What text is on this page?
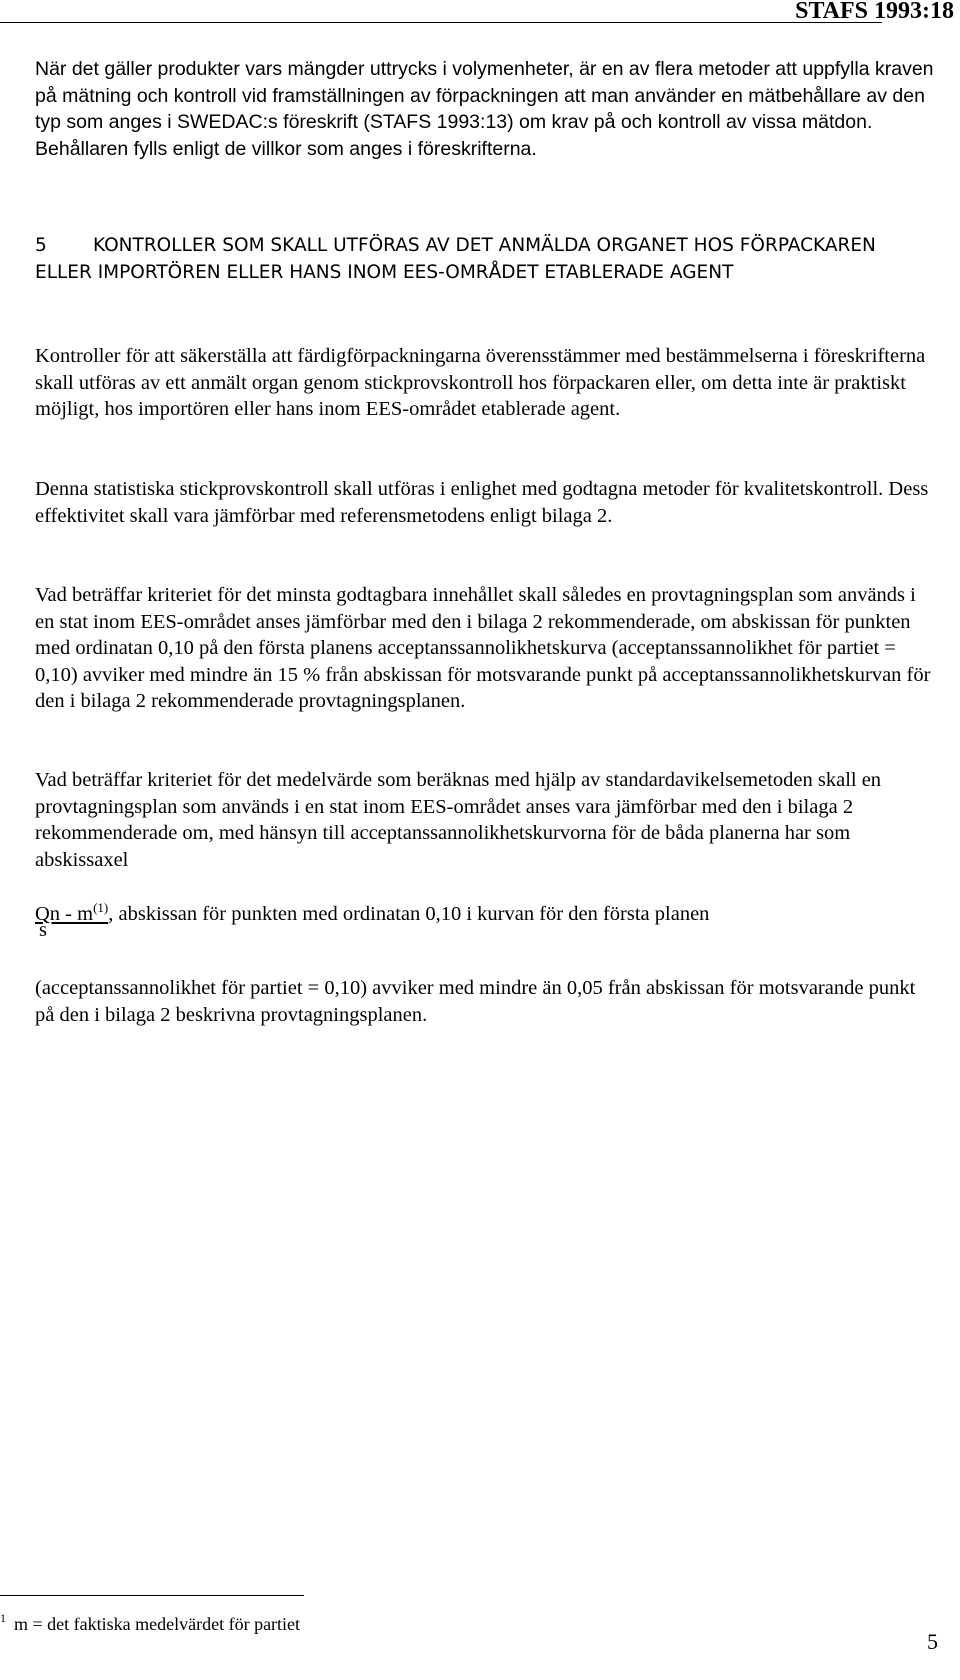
STAFS 1993:18

När det gäller produkter vars mängder uttrycks i volymenheter, är en av flera metoder att uppfylla kraven på mätning och kontroll vid framställningen av förpackningen att man använder en mätbehållare av den typ som anges i SWEDAC:s föreskrift (STAFS 1993:13) om krav på och kontroll av vissa mätdon. Behållaren fylls enligt de villkor som anges i föreskrifterna.

5 KONTROLLER SOM SKALL UTFÖRAS AV DET ANMÄLDA ORGANET HOS FÖRPACKAREN ELLER IMPORTÖREN ELLER HANS INOM EES-OMRÅDET ETABLERADE AGENT

Kontroller för att säkerställa att färdigförpackningarna överensstämmer med bestämmelserna i föreskrifterna skall utföras av ett anmält organ genom stickprovskontroll hos förpackaren eller, om detta inte är praktiskt möjligt, hos importören eller hans inom EES-området etablerade agent.

Denna statistiska stickprovskontroll skall utföras i enlighet med godtagna metoder för kvalitetskontroll. Dess effektivitet skall vara jämförbar med referensmetodens enligt bilaga 2.

Vad beträffar kriteriet för det minsta godtagbara innehållet skall således en provtagningsplan som används i en stat inom EES-området anses jämförbar med den i bilaga 2 rekommenderade, om abskissan för punkten med ordinatan 0,10 på den första planens acceptanssannolikhetskurva (acceptanssannolikhet för partiet = 0,10) avviker med mindre än 15 % från abskissan för motsvarande punkt på acceptanssannolikhetskurvan för den i bilaga 2 rekommenderade provtagningsplanen.

Vad beträffar kriteriet för det medelvärde som beräknas med hjälp av standardavikelsemetoden skall en provtagningsplan som används i en stat inom EES-området anses vara jämförbar med den i bilaga 2 rekommenderade om, med hänsyn till acceptanssannolikhetskurvorna för de båda planerna har som abskissaxel

Qn - $m^{(1)}$, abskissan för punkten med ordinatan 0,10 i kurvan för den första planen
s

(acceptanssannolikhet för partiet = 0,10) avviker med mindre än 0,05 från abskissan för motsvarande punkt på den i bilaga 2 beskrivna provtagningsplanen.

$^1$ m = det faktiska medelvärdet för partiet
5
